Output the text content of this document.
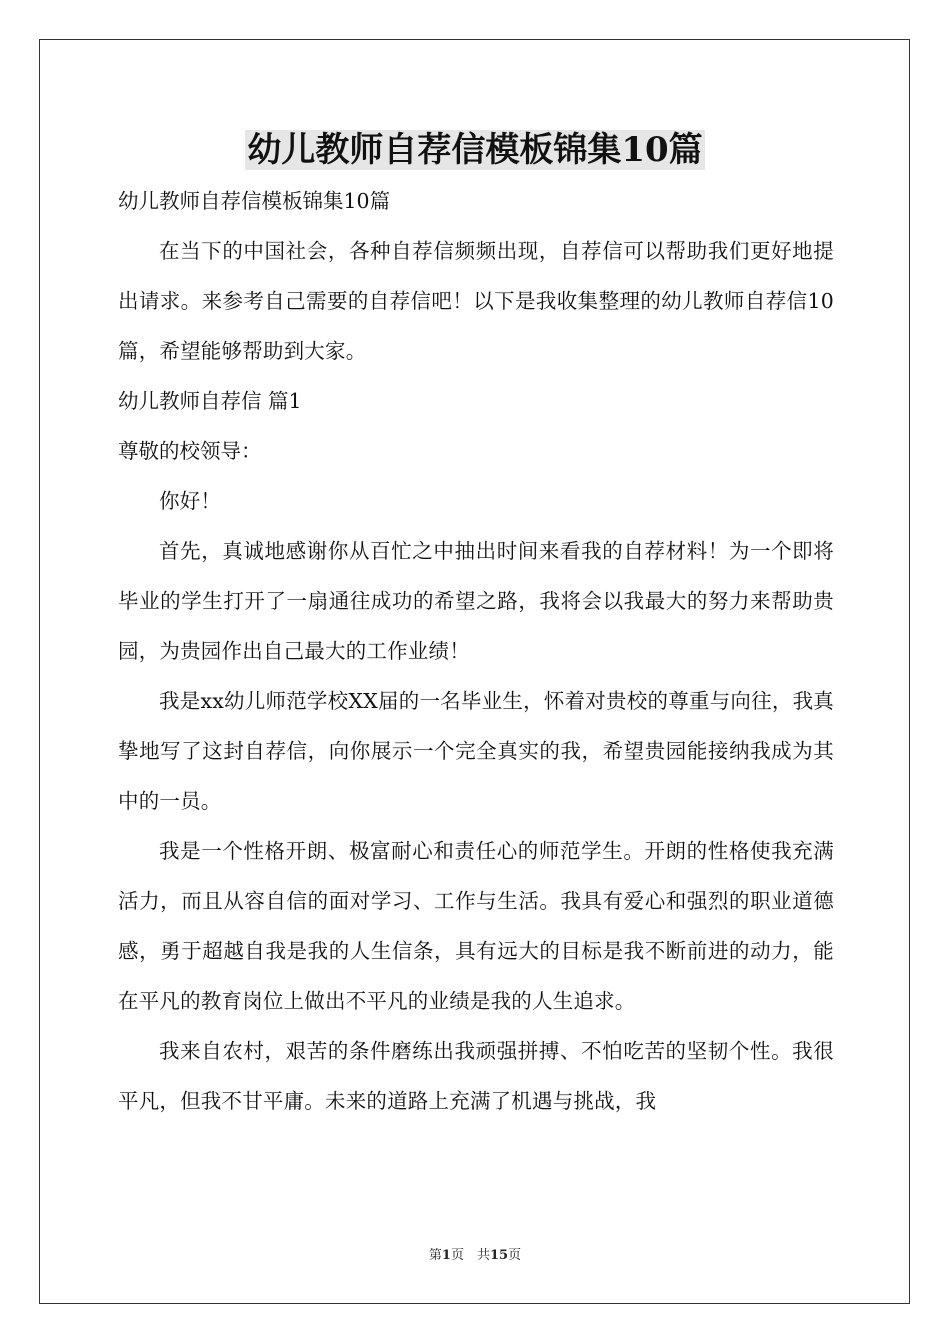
幼儿教师自荐信模板锦集10篇
幼儿教师自荐信模板锦集10篇
在当下的中国社会，各种自荐信频频出现，自荐信可以帮助我们更好地提出请求。来参考自己需要的自荐信吧！以下是我收集整理的幼儿教师自荐信10篇，希望能够帮助到大家。
幼儿教师自荐信 篇1
尊敬的校领导：
你好！
首先，真诚地感谢你从百忙之中抽出时间来看我的自荐材料！为一个即将毕业的学生打开了一扇通往成功的希望之路，我将会以我最大的努力来帮助贵园，为贵园作出自己最大的工作业绩！
我是xx幼儿师范学校XX届的一名毕业生，怀着对贵校的尊重与向往，我真挚地写了这封自荐信，向你展示一个完全真实的我，希望贵园能接纳我成为其中的一员。
我是一个性格开朗、极富耐心和责任心的师范学生。开朗的性格使我充满活力，而且从容自信的面对学习、工作与生活。我具有爱心和强烈的职业道德感，勇于超越自我是我的人生信条，具有远大的目标是我不断前进的动力，能在平凡的教育岗位上做出不平凡的业绩是我的人生追求。
我来自农村，艰苦的条件磨练出我顽强拼搏、不怕吃苦的坚韧个性。我很平凡，但我不甘平庸。未来的道路上充满了机遇与挑战，我
第1页　共15页
